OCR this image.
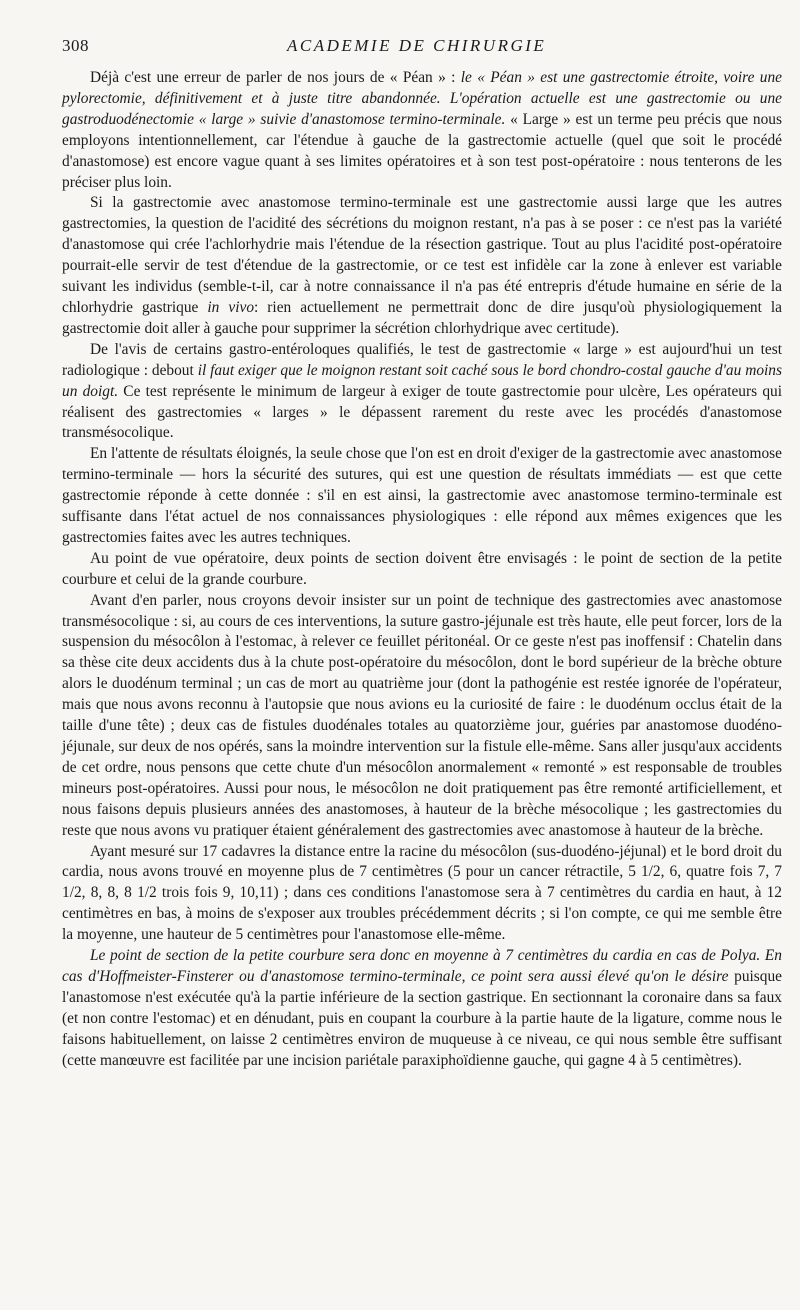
308	ACADEMIE DE CHIRURGIE

Déjà c'est une erreur de parler de nos jours de « Péan » : le « Péan » est une gastrectomie étroite, voire une pylorectomie, définitivement et à juste titre abandonnée. L'opération actuelle est une gastrectomie ou une gastroduodénectomie « large » suivie d'anastomose termino-terminale. « Large » est un terme peu précis que nous employons intentionnellement, car l'étendue à gauche de la gastrectomie actuelle (quel que soit le procédé d'anastomose) est encore vague quant à ses limites opératoires et à son test post-opératoire : nous tenterons de les préciser plus loin.

Si la gastrectomie avec anastomose termino-terminale est une gastrectomie aussi large que les autres gastrectomies, la question de l'acidité des sécrétions du moignon restant, n'a pas à se poser : ce n'est pas la variété d'anastomose qui crée l'achlorhydrie mais l'étendue de la résection gastrique. Tout au plus l'acidité post-opératoire pourrait-elle servir de test d'étendue de la gastrectomie, or ce test est infidèle car la zone à enlever est variable suivant les individus (semble-t-il, car à notre connaissance il n'a pas été entrepris d'étude humaine en série de la chlorhydrie gastrique in vivo: rien actuellement ne permettrait donc de dire jusqu'où physiologiquement la gastrectomie doit aller à gauche pour supprimer la sécrétion chlorhydrique avec certitude).

De l'avis de certains gastro-entéroloques qualifiés, le test de gastrectomie « large » est aujourd'hui un test radiologique : debout il faut exiger que le moignon restant soit caché sous le bord chondro-costal gauche d'au moins un doigt. Ce test représente le minimum de largeur à exiger de toute gastrectomie pour ulcère, Les opérateurs qui réalisent des gastrectomies « larges » le dépassent rarement du reste avec les procédés d'anastomose transmésocolique.

En l'attente de résultats éloignés, la seule chose que l'on est en droit d'exiger de la gastrectomie avec anastomose termino-terminale — hors la sécurité des sutures, qui est une question de résultats immédiats — est que cette gastrectomie réponde à cette donnée : s'il en est ainsi, la gastrectomie avec anastomose termino-terminale est suffisante dans l'état actuel de nos connaissances physiologiques : elle répond aux mêmes exigences que les gastrectomies faites avec les autres techniques.

Au point de vue opératoire, deux points de section doivent être envisagés : le point de section de la petite courbure et celui de la grande courbure.

Avant d'en parler, nous croyons devoir insister sur un point de technique des gastrectomies avec anastomose transmésocolique : si, au cours de ces interventions, la suture gastro-jéjunale est très haute, elle peut forcer, lors de la suspension du mésocôlon à l'estomac, à relever ce feuillet péritonéal. Or ce geste n'est pas inoffensif : Chatelin dans sa thèse cite deux accidents dus à la chute post-opératoire du mésocôlon, dont le bord supérieur de la brèche obture alors le duodénum terminal ; un cas de mort au quatrième jour (dont la pathogénie est restée ignorée de l'opérateur, mais que nous avons reconnu à l'autopsie que nous avions eu la curiosité de faire : le duodénum occlus était de la taille d'une tête) ; deux cas de fistules duodénales totales au quatorzième jour, guéries par anastomose duodéno-jéjunale, sur deux de nos opérés, sans la moindre intervention sur la fistule elle-même. Sans aller jusqu'aux accidents de cet ordre, nous pensons que cette chute d'un mésocôlon anormalement « remonté » est responsable de troubles mineurs post-opératoires. Aussi pour nous, le mésocôlon ne doit pratiquement pas être remonté artificiellement, et nous faisons depuis plusieurs années des anastomoses, à hauteur de la brèche mésocolique ; les gastrectomies du reste que nous avons vu pratiquer étaient généralement des gastrectomies avec anastomose à hauteur de la brèche.

Ayant mesuré sur 17 cadavres la distance entre la racine du mésocôlon (sus-duodéno-jéjunal) et le bord droit du cardia, nous avons trouvé en moyenne plus de 7 centimètres (5 pour un cancer rétractile, 5 1/2, 6, quatre fois 7, 7 1/2, 8, 8, 8 1/2 trois fois 9, 10,11) ; dans ces conditions l'anastomose sera à 7 centimètres du cardia en haut, à 12 centimètres en bas, à moins de s'exposer aux troubles précédemment décrits ; si l'on compte, ce qui me semble être la moyenne, une hauteur de 5 centimètres pour l'anastomose elle-même.

Le point de section de la petite courbure sera donc en moyenne à 7 centimètres du cardia en cas de Polya. En cas d'Hoffmeister-Finsterer ou d'anastomose termino-terminale, ce point sera aussi élevé qu'on le désire puisque l'anastomose n'est exécutée qu'à la partie inférieure de la section gastrique. En sectionnant la coronaire dans sa faux (et non contre l'estomac) et en dénudant, puis en coupant la courbure à la partie haute de la ligature, comme nous le faisons habituellement, on laisse 2 centimètres environ de muqueuse à ce niveau, ce qui nous semble être suffisant (cette manœuvre est facilitée par une incision pariétale paraxiphoïdienne gauche, qui gagne 4 à 5 centimètres).
